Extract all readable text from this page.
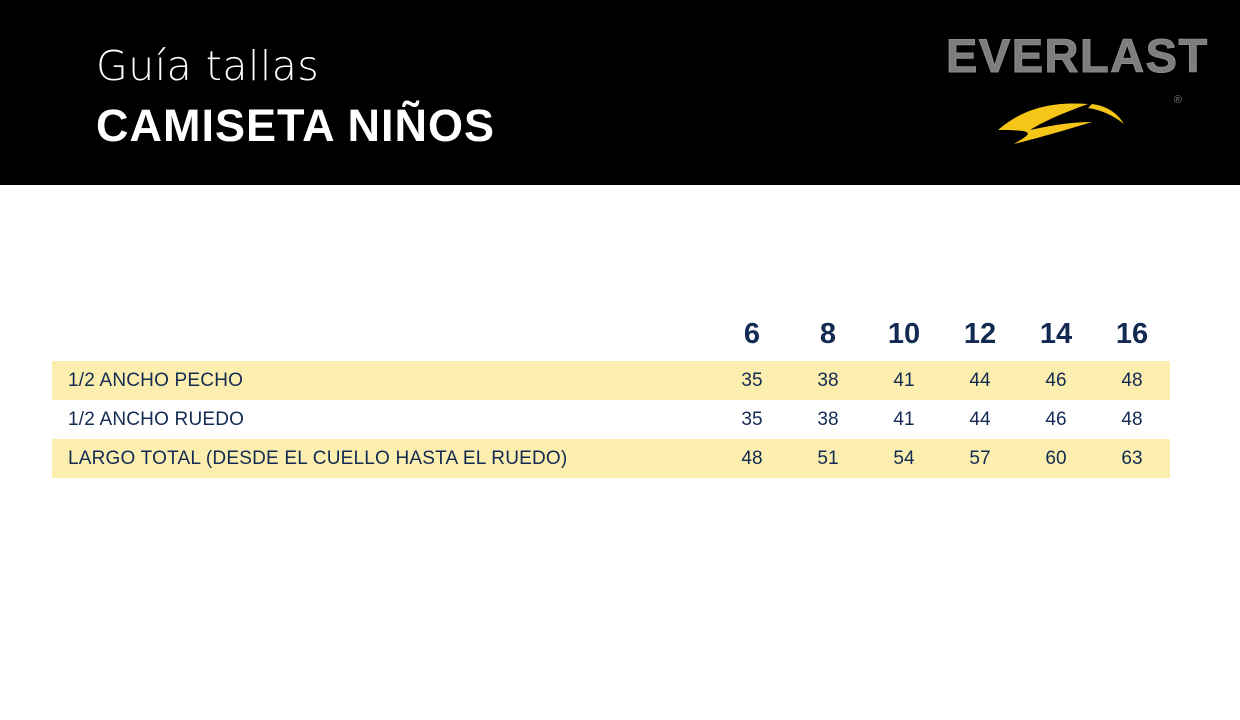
Guía tallas
CAMISETA NIÑOS
EVERLAST
®
	6	8	10	12	14	16
1/2 ANCHO PECHO	35	38	41	44	46	48
1/2 ANCHO RUEDO	35	38	41	44	46	48
LARGO TOTAL (DESDE EL CUELLO HASTA EL RUEDO)	48	51	54	57	60	63
